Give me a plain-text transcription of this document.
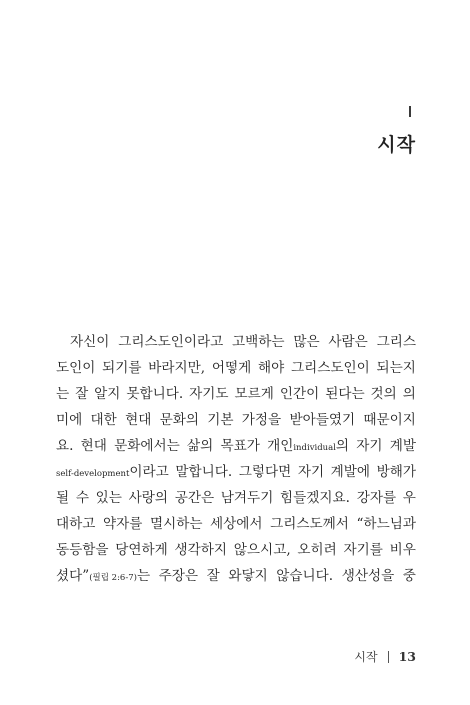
시작
자신이 그리스도인이라고 고백하는 많은 사람은 그리스
도인이 되기를 바라지만, 어떻게 해야 그리스도인이 되는지
는 잘 알지 못합니다. 자기도 모르게 인간이 된다는 것의 의
미에 대한 현대 문화의 기본 가정을 받아들였기 때문이지
요. 현대 문화에서는 삶의 목표가 개인individual의 자기 계발
self-development이라고 말합니다. 그렇다면 자기 계발에 방해가
될 수 있는 사랑의 공간은 남겨두기 힘들겠지요. 강자를 우
대하고 약자를 멸시하는 세상에서 그리스도께서 “하느님과
동등함을 당연하게 생각하지 않으시고, 오히려 자기를 비우
셨다”(필립 2:6-7)는 주장은 잘 와닿지 않습니다. 생산성을 중
시작 13
